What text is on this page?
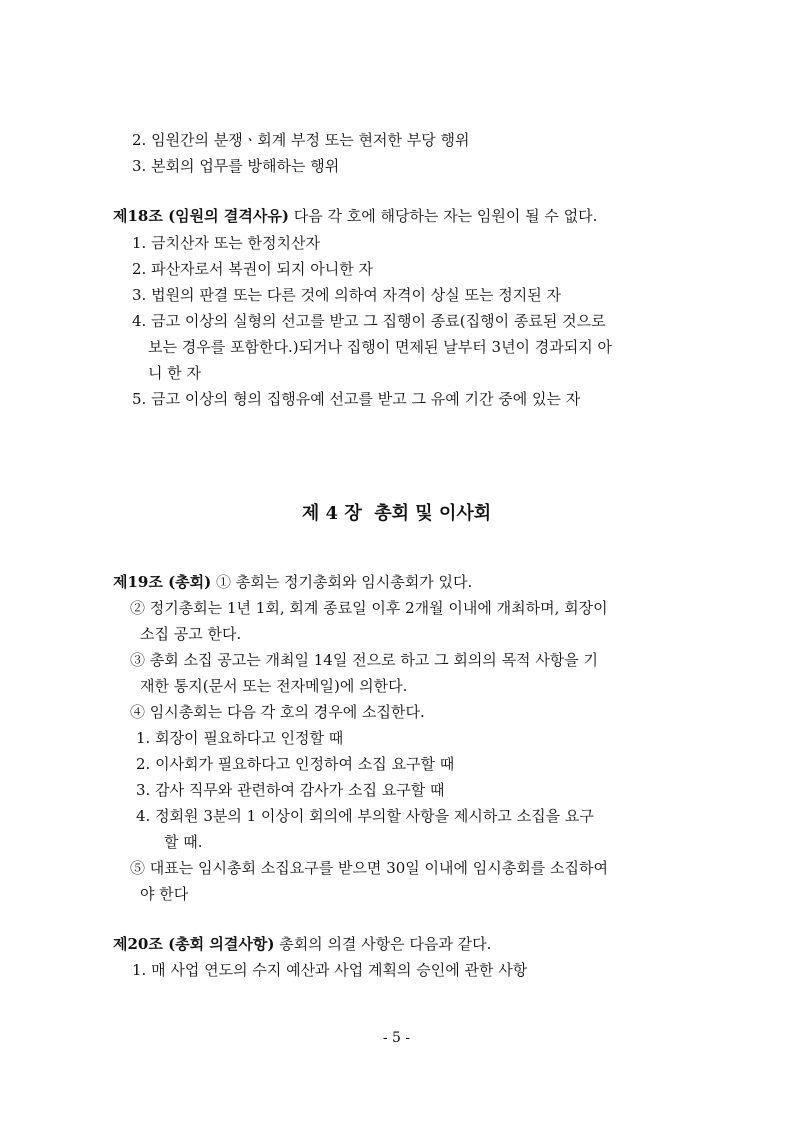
2. 임원간의 분쟁ㆍ회계 부정 또는 현저한 부당 행위
3. 본회의 업무를 방해하는 행위
제18조 (임원의 결격사유) 다음 각 호에 해당하는 자는 임원이 될 수 없다.
1. 금치산자 또는 한정치산자
2. 파산자로서 복권이 되지 아니한 자
3. 법원의 판결 또는 다른 것에 의하여 자격이 상실 또는 정지된 자
4. 금고 이상의 실형의 선고를 받고 그 집행이 종료(집행이 종료된 것으로
보는 경우를 포함한다.)되거나 집행이 면제된 날부터 3년이 경과되지 아
니 한 자
5. 금고 이상의 형의 집행유예 선고를 받고 그 유예 기간 중에 있는 자
제 4 장  총회 및 이사회
제19조 (총회) ① 총회는 정기총회와 임시총회가 있다.
② 정기총회는 1년 1회, 회계 종료일 이후 2개월 이내에 개최하며, 회장이
소집 공고 한다.
③ 총회 소집 공고는 개최일 14일 전으로 하고 그 회의의 목적 사항을 기
재한 통지(문서 또는 전자메일)에 의한다.
④ 임시총회는 다음 각 호의 경우에 소집한다.
1. 회장이 필요하다고 인정할 때
2. 이사회가 필요하다고 인정하여 소집 요구할 때
3. 감사 직무와 관련하여 감사가 소집 요구할 때
4. 정회원 3분의 1 이상이 회의에 부의할 사항을 제시하고 소집을 요구
할 때.
⑤ 대표는 임시총회 소집요구를 받으면 30일 이내에 임시총회를 소집하여
야 한다
제20조 (총회 의결사항) 총회의 의결 사항은 다음과 같다.
1. 매 사업 연도의 수지 예산과 사업 계획의 승인에 관한 사항
- 5 -
